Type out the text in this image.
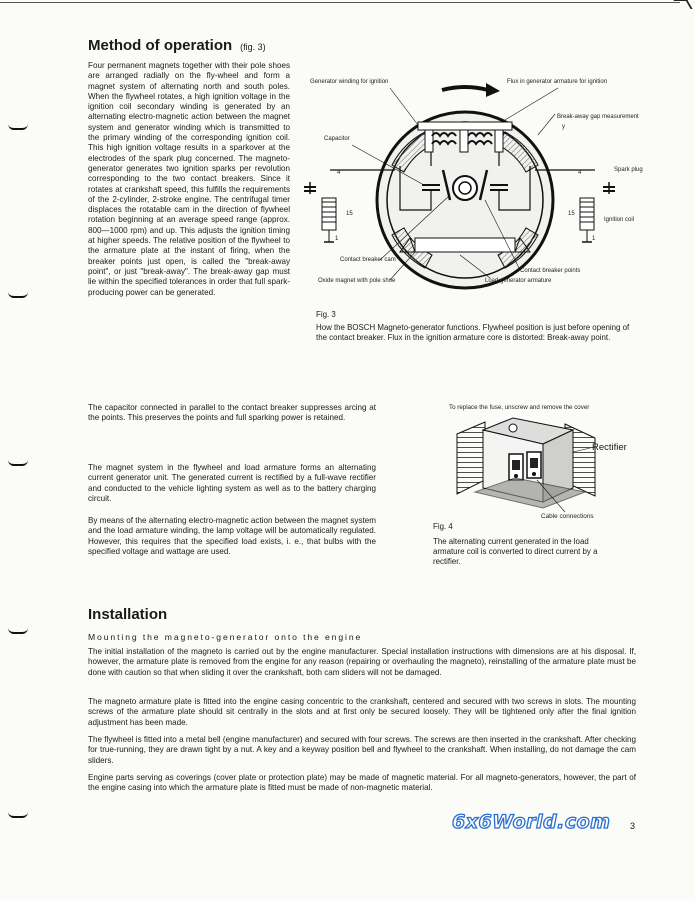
Method of operation (fig. 3)
Four permanent magnets together with their pole shoes are arranged radially on the fly-wheel and form a magnet system of alternating north and south poles. When the flywheel rotates, a high ignition voltage in the ignition coil secondary winding is generated by an alternating electro-magnetic action between the magnet system and generator winding which is transmitted to the primary winding of the corresponding ignition coil. This high ignition voltage results in a sparkover at the electrodes of the spark plug concerned. The magneto-generator generates two ignition sparks per revolution corresponding to the two contact breakers. Since it rotates at crankshaft speed, this fulfills the requirements of the 2-cylinder, 2-stroke engine. The centrifugal timer displaces the rotatable cam in the direction of flywheel rotation beginning at an average speed range (approx. 800—1000 rpm) and up. This adjusts the ignition timing at higher speeds. The relative position of the flywheel to the armature plate at the instant of firing, when the breaker points just open, is called the "break-away point", or just "break-away". The break-away gap must lie within the specified tolerances in order that full spark-producing power can be generated.
Generator winding for ignition	Flux in generator armature for ignition
Break-away gap measurement
y
Capacitor
Spark plug
Ignition coil
4
15
1
4
15
1
Contact breaker cam
Contact breaker points
Oxide magnet with pole shoe	Load generator armature
Fig. 3
How the BOSCH Magneto-generator functions. Flywheel position is just before opening of the contact breaker. Flux in the ignition armature core is distorted: Break-away point.
The capacitor connected in parallel to the contact breaker suppresses arcing at the points. This preserves the points and full sparking power is retained.
The magnet system in the flywheel and load armature forms an alternating current generator unit. The generated current is rectified by a full-wave rectifier and conducted to the vehicle lighting system as well as to the battery charging circuit.
By means of the alternating electro-magnetic action between the magnet system and the load armature winding, the lamp voltage will be automatically regulated. However, this requires that the specified load exists, i. e., that bulbs with the specified voltage and wattage are used.
To replace the fuse, unscrew and remove the cover
Rectifier
Cable connections
Fig. 4
The alternating current generated in the load armature coil is converted to direct current by a rectifier.
Installation
Mounting the magneto-generator onto the engine
The initial installation of the magneto is carried out by the engine manufacturer. Special installation instructions with dimensions are at his disposal. If, however, the armature plate is removed from the engine for any reason (repairing or overhauling the magneto), reinstalling of the armature plate must be done with caution so that when sliding it over the crankshaft, both cam sliders will not be damaged.
The magneto armature plate is fitted into the engine casing concentric to the crankshaft, centered and secured with two screws in slots. The mounting screws of the armature plate should sit centrally in the slots and at first only be secured loosely. They will be tightened only after the final ignition adjustment has been made.
The flywheel is fitted into a metal bell (engine manufacturer) and secured with four screws. The screws are then inserted in the crankshaft. After checking for true-running, they are drawn tight by a nut. A key and a keyway position bell and flywheel to the crankshaft. When installing, do not damage the cam sliders.
Engine parts serving as coverings (cover plate or protection plate) may be made of magnetic material. For all magneto-generators, however, the part of the engine casing into which the armature plate is fitted must be made of non-magnetic material.
6x6World.com 3
